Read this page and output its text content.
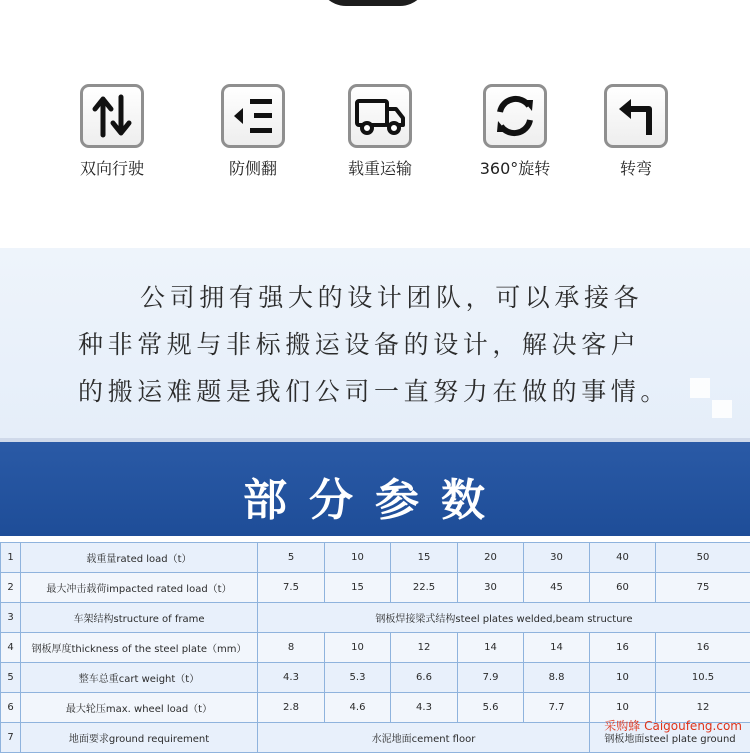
双向行驶	防侧翻	载重运输	360°旋转	转弯

公司拥有强大的设计团队，可以承接各

种非常规与非标搬运设备的设计，解决客户

的搬运难题是我们公司一直努力在做的事情。

部分参数
1	载重量rated load（t）	5	10	15	20	30	40	50
2	最大冲击载荷impacted rated load（t）	7.5	15	22.5	30	45	60	75
3	车架结构structure of frame	钢板焊接梁式结构steel plates welded,beam structure						
4	钢板厚度thickness of the steel plate（mm）	8	10	12	14	14	16	16
5	整车总重cart weight（t）	4.3	5.3	6.6	7.9	8.8	10	10.5
6	最大轮压max. wheel load（t）	2.8	4.6	4.3	5.6	7.7	10	12
7	地面要求ground requirement	水泥地面cement floor					钢板地面steel plate ground	
采购蜂 Caigoufeng.com
